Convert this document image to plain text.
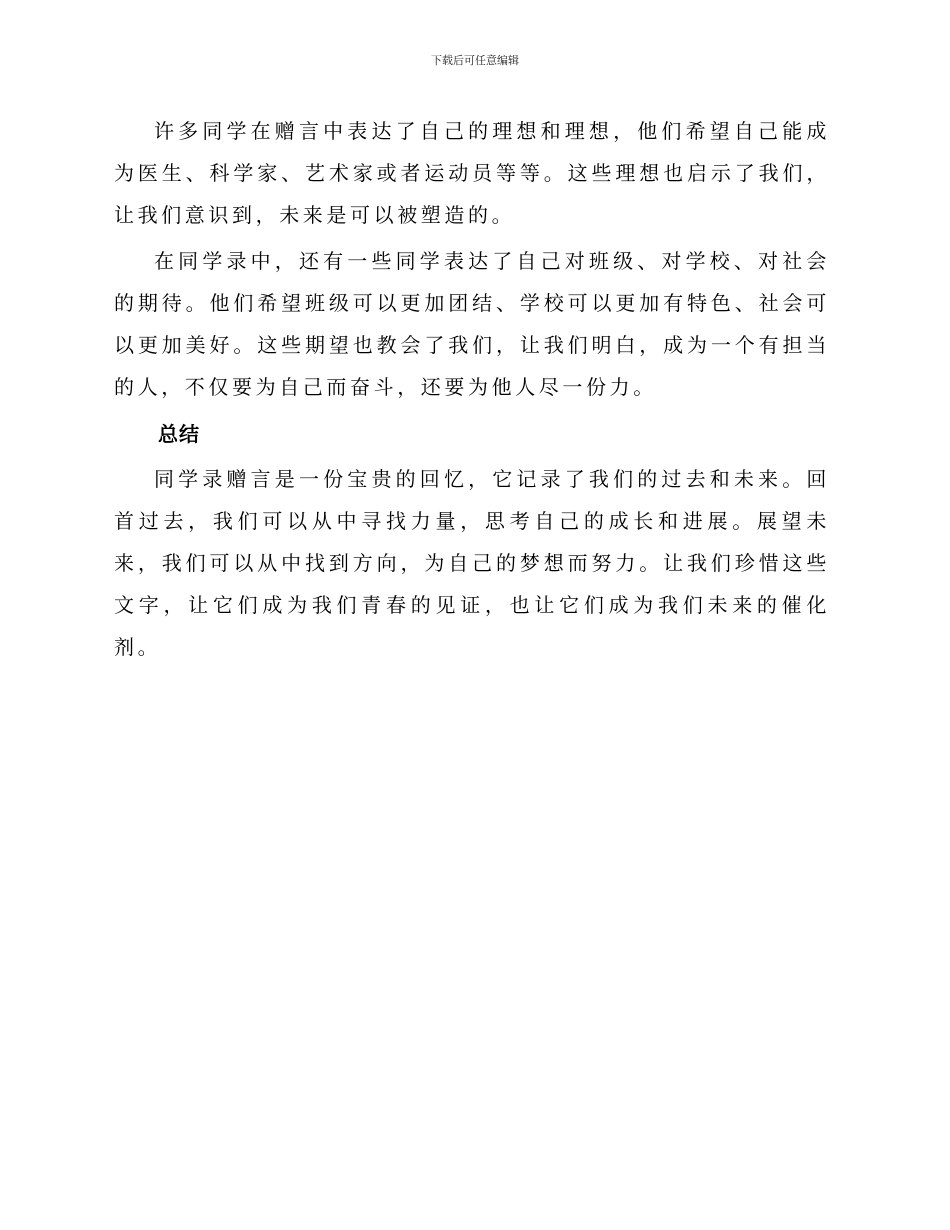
下载后可任意编辑

许多同学在赠言中表达了自己的理想和理想，他们希望自己能成为医生、科学家、艺术家或者运动员等等。这些理想也启示了我们，让我们意识到，未来是可以被塑造的。

在同学录中，还有一些同学表达了自己对班级、对学校、对社会的期待。他们希望班级可以更加团结、学校可以更加有特色、社会可以更加美好。这些期望也教会了我们，让我们明白，成为一个有担当的人，不仅要为自己而奋斗，还要为他人尽一份力。

总结

同学录赠言是一份宝贵的回忆，它记录了我们的过去和未来。回首过去，我们可以从中寻找力量，思考自己的成长和进展。展望未来，我们可以从中找到方向，为自己的梦想而努力。让我们珍惜这些文字，让它们成为我们青春的见证，也让它们成为我们未来的催化剂。
